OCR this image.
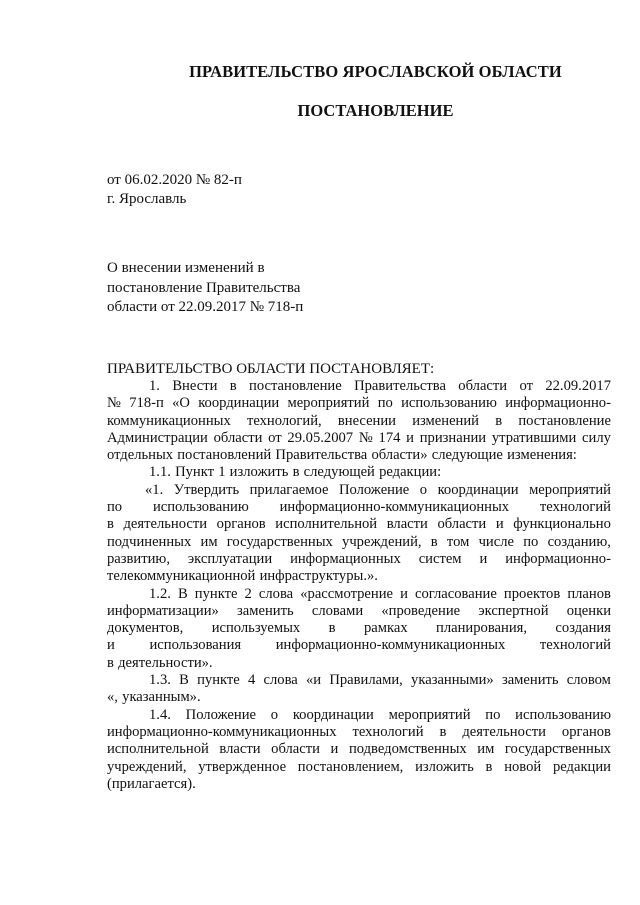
ПРАВИТЕЛЬСТВО ЯРОСЛАВСКОЙ ОБЛАСТИ
ПОСТАНОВЛЕНИЕ
от 06.02.2020 № 82-п
г. Ярославль
О внесении изменений в
постановление Правительства
области от 22.09.2017 № 718-п
ПРАВИТЕЛЬСТВО ОБЛАСТИ ПОСТАНОВЛЯЕТ:
1. Внести в постановление Правительства области от 22.09.2017
№ 718-п «О координации мероприятий по использованию информационно-
коммуникационных технологий, внесении изменений в постановление
Администрации области от 29.05.2007 № 174 и признании утратившими силу
отдельных постановлений Правительства области» следующие изменения:
1.1. Пункт 1 изложить в следующей редакции:
«1. Утвердить прилагаемое Положение о координации мероприятий
по использованию информационно-коммуникационных технологий
в деятельности органов исполнительной власти области и функционально
подчиненных им государственных учреждений, в том числе по созданию,
развитию, эксплуатации информационных систем и информационно-
телекоммуникационной инфраструктуры.».
1.2. В пункте 2 слова «рассмотрение и согласование проектов планов
информатизации» заменить словами «проведение экспертной оценки
документов, используемых в рамках планирования, создания
и использования информационно-коммуникационных технологий
в деятельности».
1.3. В пункте 4 слова «и Правилами, указанными» заменить словом
«, указанным».
1.4. Положение о координации мероприятий по использованию
информационно-коммуникационных технологий в деятельности органов
исполнительной власти области и подведомственных им государственных
учреждений, утвержденное постановлением, изложить в новой редакции
(прилагается).
